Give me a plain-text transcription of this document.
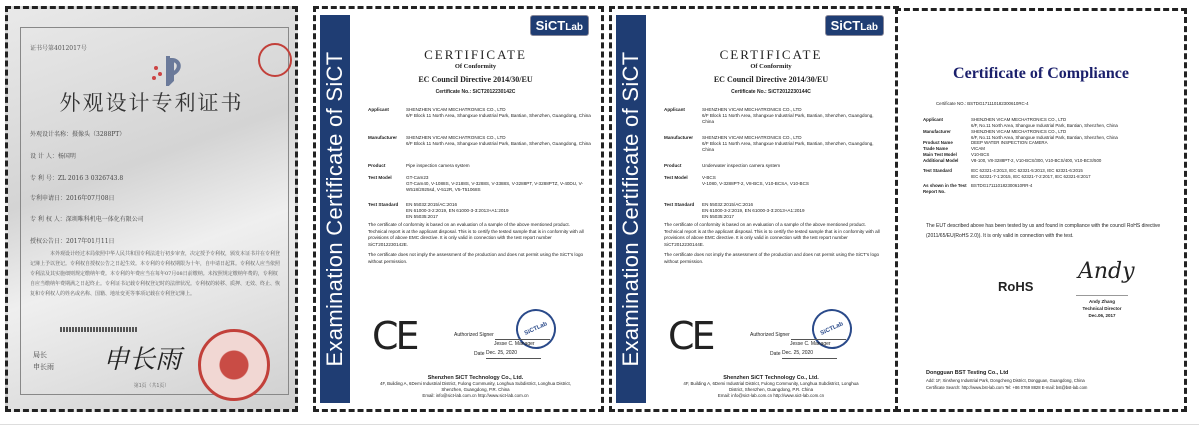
证书号第4012017号
外观设计专利证书
外观设计名称：摄像头（3288PT）
设 计 人：杨国明
专 利 号：ZL 2016 3 0326743.8
专利申请日：2016年07月08日
专 利 权 人：深圳唯科机电一体化有限公司
授权公告日：2017年01月11日
本外观设计经过本局依照中华人民共和国专利法进行初步审查，决定授予专利权，颁发本证书并在专利登记簿上予以登记。专利权自授权公告之日起生效。本专利的专利权期限为十年，自申请日起算。专利权人应当依照专利法及其实施细则规定缴纳年费。本专利的年费应当在每年07月08日前缴纳。未按照规定缴纳年费的，专利权自应当缴纳年费期满之日起终止。专利证书记载专利权登记时的法律状况。专利权的转移、质押、无效、终止、恢复和专利权人的姓名或名称、国籍、地址变更等事项记载在专利登记簿上。
局长
申长雨 申长雨
第1页（共1页）
Examination Certificate of SiCT
SiCTLab
CERTIFICATE
Of Conformity
EC Council Directive 2014/30/EU
Certificate No.: SiCT2012230142C
Applicant	SHENZHEN VICAM MECHATRONICS CO., LTD
6/F Block 11 North Area, Shangxue Industrial Park, Bantian, Shenzhen, Guangdong, China
Manufacturer	SHENZHEN VICAM MECHATRONICS CO., LTD
6/F Block 11 North Area, Shangxue Industrial Park, Bantian, Shenzhen, Guangdong, China
Product	Pipe inspection camera system
Test Model	GT-Cam23
GT-Cam40, V-1088S, V-2188S, V-3288S, V-3388S, V-3288PT, V-3288PTZ, V-40DU, V-W518/2925sd, V-512R, V5-T51068S
Test Standard	EN 55032:2015/AC:2016
EN 61000-3-2:2019, EN 61000-3-3:2013+A1:2019
EN 55035:2017
The certificate of conformity is based on an evaluation of a sample of the above mentioned product. Technical report is at the applicant disposal. This is to certify the tested sample that is in conformity with all provisions of above EMC directive. It is only valid in connection with the test report number SiCT2012230142E.
The certificate does not imply the assessment of the production and does not permit using the SiCT's logo without permission.
CE	SiCTLab
Authorized Signer
Jesse C. Manager
Date Dec. 25, 2020
Shenzhen SiCT Technology Co., Ltd.
4F, Building A, 6Demi Industrial District, Fulong Community, Longhua Subdistrict, Longhua District, Shenzhen, Guangdong, P.R. China
Email: info@sict-lab.com.cn http://www.sict-lab.com.cn
Examination Certificate of SiCT
SiCTLab
CERTIFICATE
Of Conformity
EC Council Directive 2014/30/EU
Certificate No.: SiCT2012230144C
Applicant	SHENZHEN VICAM MECHATRONICS CO., LTD
6/F Block 11 North Area, Shangxue Industrial Park, Bantian, Shenzhen, Guangdong, China
Manufacturer	SHENZHEN VICAM MECHATRONICS CO., LTD
6/F Block 11 North Area, Shangxue Industrial Park, Bantian, Shenzhen, Guangdong, China
Product	Underwater inspection camera system
Test Model	V-BCS
V-1080, V-3288PT-2, V8-BCS, V10-BCSA, V10-BCS
Test Standard	EN 55032:2015/AC:2016
EN 61000-3-2:2019, EN 61000-3-3:2013+A1:2019
EN 55035:2017
The certificate of conformity is based on an evaluation of a sample of the above mentioned product. Technical report is at the applicant disposal. This is to certify the tested sample that is in conformity with all provisions of above EMC directive. It is only valid in connection with the test report number SiCT2012230144E.
The certificate does not imply the assessment of the production and does not permit using the SiCT's logo without permission.
CE	SiCTLab
Authorized Signer
Jesse C. Manager
Date Dec. 25, 2020
Shenzhen SiCT Technology Co., Ltd.
4F, Building A, 6Demi Industrial District, Fulong Community, Longhua Subdistrict, Longhua District, Shenzhen, Guangdong, P.R. China
Email: info@sict-lab.com.cn http://www.sict-lab.com.cn
Certificate of Compliance
Certificate NO.: BSTDG171110182300610RC-4
Applicant	SHENZHEN VICAM MECHATRONICS CO., LTD
6/F, No.11 North Area, Shangxue Industrial Park, Bantian, Shenzhen, China
Manufacturer	SHENZHEN VICAM MECHATRONICS CO., LTD
6/F, No.11 North Area, Shangxue Industrial Park, Bantian, Shenzhen, China
Product Name	DEEP WATER INSPECTION CAMERA
Trade Name	VICAM
Main Test Model	V10-BCS
Additional Model	V8-100, V8-3288PT-2, V10-BCS/300, V10-BCS/400, V10-BCS/500
Test Standard	IEC 62321-4:2013, IEC 62321-5:2013, IEC 62321-6:2015
IEC 62321-7-1:2015, IEC 62321-7-2:2017, IEC 62321-8:2017
As shown in the Test Report No.
BSTDG171110182300610RR-4
The EUT described above has been tested by us and found in compliance with the council RoHS directive (2011/65/EU(RoHS 2.0)). It is only valid in connection with the test.
RoHS
Andy
Andy Zhang
Technical Director
Dec.06, 2017
Dongguan BST Testing Co., Ltd
Add: 1F, Xinsheng Industrial Park, Dongcheng District, Dongguan, Guangdong, China
Certificate Search: http://www.bst-lab.com Tel: +86 0769 8828 E-mail: bst@bst-lab.com
